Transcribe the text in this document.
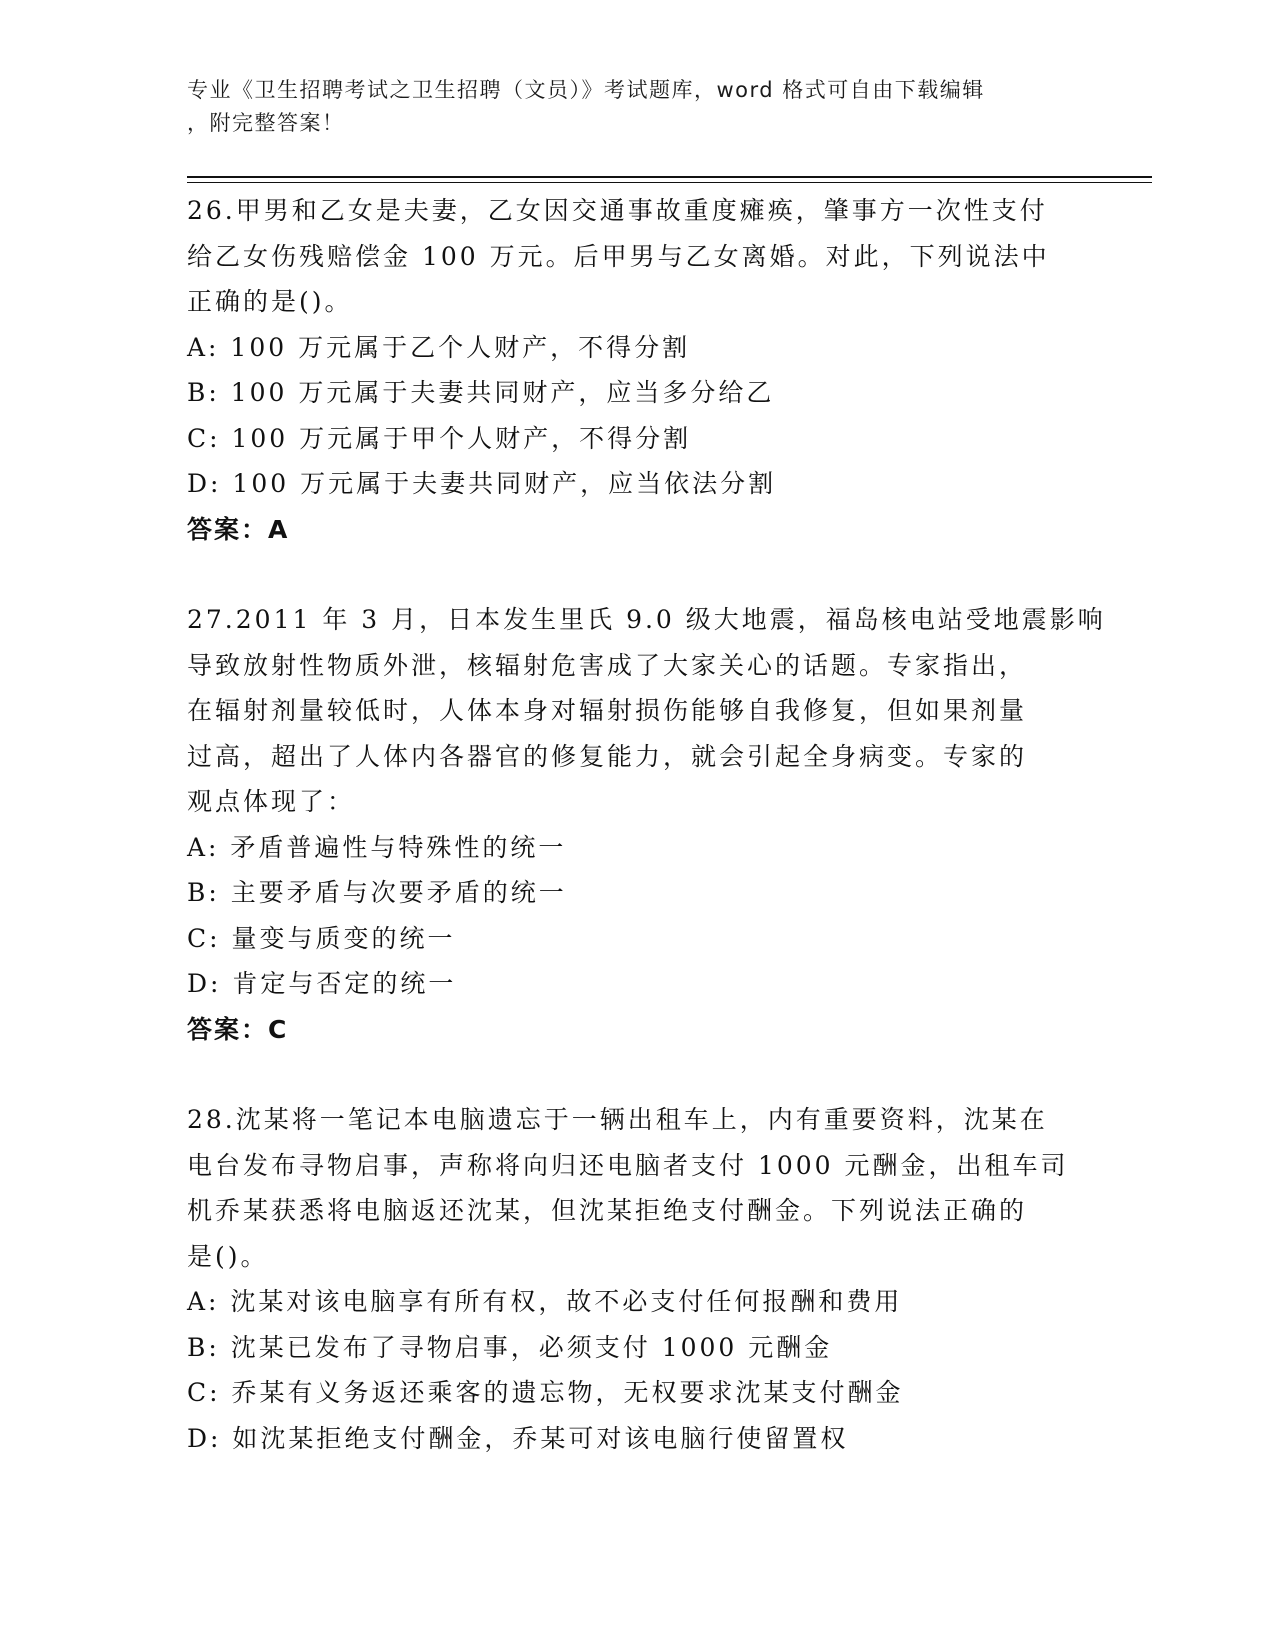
专业《卫生招聘考试之卫生招聘（文员）》考试题库，word 格式可自由下载编辑
，附完整答案！
26.甲男和乙女是夫妻，乙女因交通事故重度瘫痪，肇事方一次性支付
给乙女伤残赔偿金 100 万元。后甲男与乙女离婚。对此，下列说法中
正确的是()。
A: 100 万元属于乙个人财产，不得分割
B: 100 万元属于夫妻共同财产，应当多分给乙
C: 100 万元属于甲个人财产，不得分割
D: 100 万元属于夫妻共同财产，应当依法分割
答案：A
27.2011 年 3 月，日本发生里氏 9.0 级大地震，福岛核电站受地震影响
导致放射性物质外泄，核辐射危害成了大家关心的话题。专家指出，
在辐射剂量较低时，人体本身对辐射损伤能够自我修复，但如果剂量
过高，超出了人体内各器官的修复能力，就会引起全身病变。专家的
观点体现了：
A: 矛盾普遍性与特殊性的统一
B: 主要矛盾与次要矛盾的统一
C: 量变与质变的统一
D: 肯定与否定的统一
答案：C
28.沈某将一笔记本电脑遗忘于一辆出租车上，内有重要资料，沈某在
电台发布寻物启事，声称将向归还电脑者支付 1000 元酬金，出租车司
机乔某获悉将电脑返还沈某，但沈某拒绝支付酬金。下列说法正确的
是()。
A: 沈某对该电脑享有所有权，故不必支付任何报酬和费用
B: 沈某已发布了寻物启事，必须支付 1000 元酬金
C: 乔某有义务返还乘客的遗忘物，无权要求沈某支付酬金
D: 如沈某拒绝支付酬金，乔某可对该电脑行使留置权
